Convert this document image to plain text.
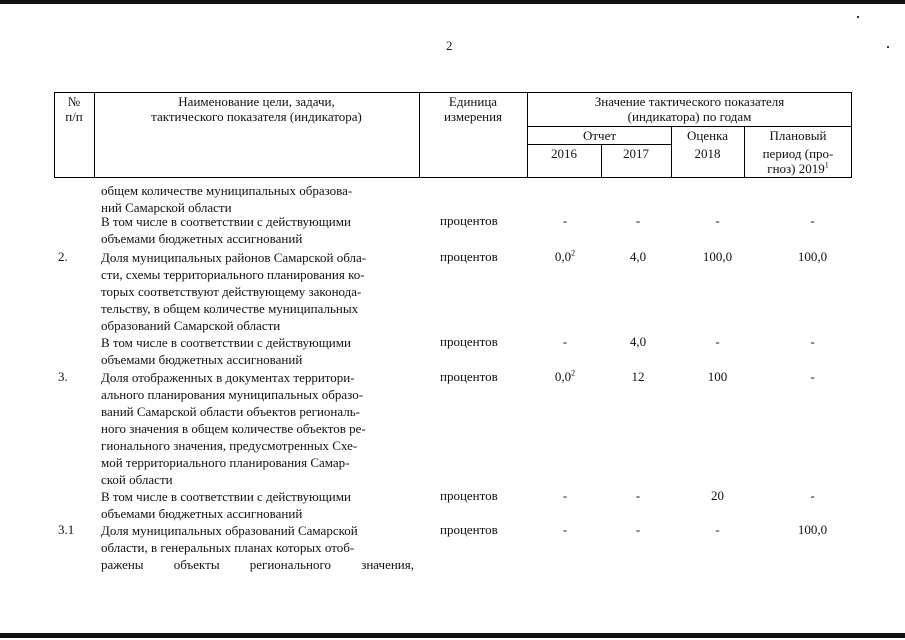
2
№
п/п
Наименование цели, задачи,
тактического показателя (индикатора)
Единица
измерения
Значение тактического показателя
(индикатора) по годам
Отчет	Оценка	Плановый
2016	2017	2018	период (про-
гноз) 2019$^1$
общем количестве муниципальных образова-
ний Самарской области
В том числе в соответствии с действующими
объемами бюджетных ассигнований
процентов	-	-	-	-
2.	Доля муниципальных районов Самарской обла-
сти, схемы территориального планирования ко-
торых соответствуют действующему законода-
тельству, в общем количестве муниципальных
образований Самарской области
процентов	$0,0^2$	4,0	100,0	100,0
В том числе в соответствии с действующими
объемами бюджетных ассигнований
процентов	-	4,0	-	-
3.	Доля отображенных в документах территори-
ального планирования муниципальных образо-
ваний Самарской области объектов региональ-
ного значения в общем количестве объектов ре-
гионального значения, предусмотренных Схе-
мой территориального планирования Самар-
ской области
процентов	$0,0^2$	12	100	-
В том числе в соответствии с действующими
объемами бюджетных ассигнований
процентов	-	-	20	-
3.1	Доля муниципальных образований Самарской
области, в генеральных планах которых отоб-
ражены объекты регионального значения,
процентов	-	-	-	100,0
